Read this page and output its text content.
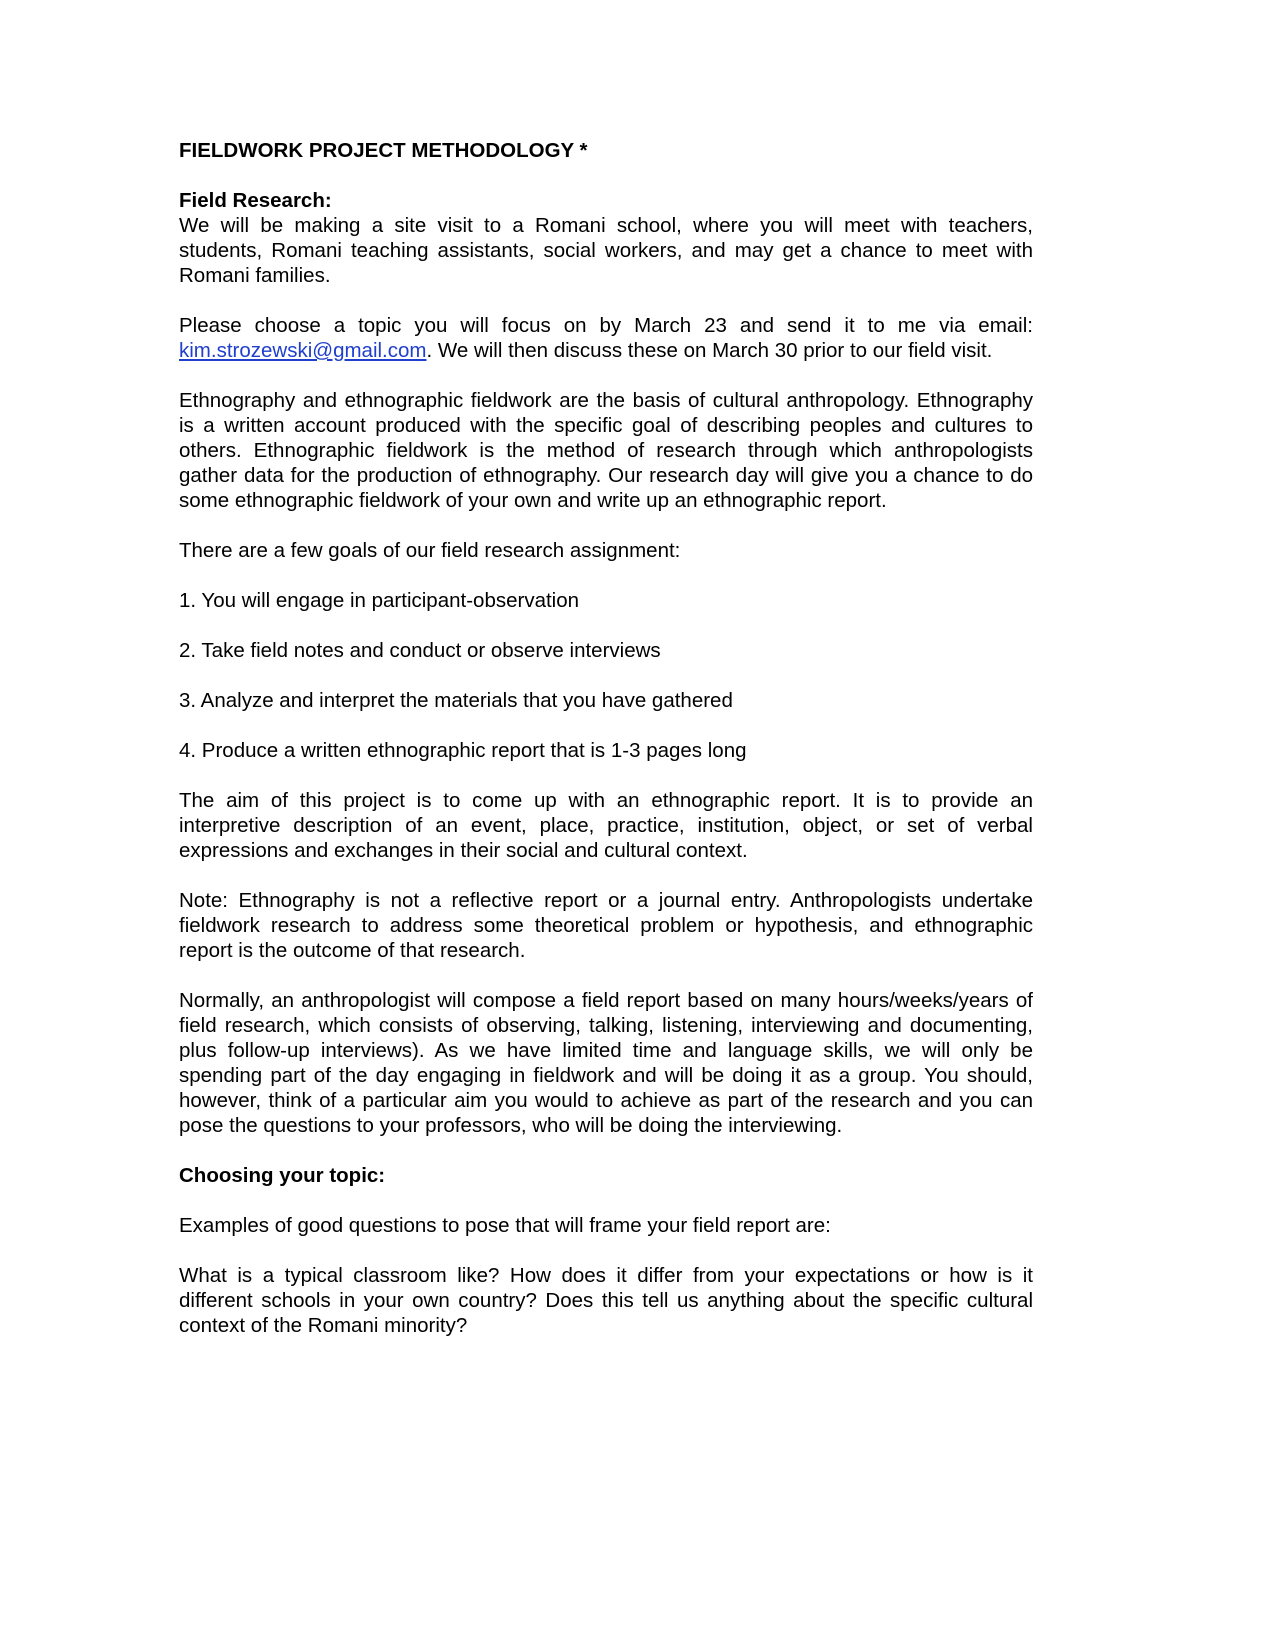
FIELDWORK PROJECT METHODOLOGY *

Field Research:

We will be making a site visit to a Romani school, where you will meet with teachers, students, Romani teaching assistants, social workers, and may get a chance to meet with Romani families.

Please choose a topic you will focus on by March 23 and send it to me via email: kim.strozewski@gmail.com. We will then discuss these on March 30 prior to our field visit.

Ethnography and ethnographic fieldwork are the basis of cultural anthropology. Ethnography is a written account produced with the specific goal of describing peoples and cultures to others. Ethnographic fieldwork is the method of research through which anthropologists gather data for the production of ethnography. Our research day will give you a chance to do some ethnographic fieldwork of your own and write up an ethnographic report.

There are a few goals of our field research assignment:

1. You will engage in participant-observation

2. Take field notes and conduct or observe interviews

3. Analyze and interpret the materials that you have gathered

4. Produce a written ethnographic report that is 1-3 pages long

The aim of this project is to come up with an ethnographic report. It is to provide an interpretive description of an event, place, practice, institution, object, or set of verbal expressions and exchanges in their social and cultural context.

Note: Ethnography is not a reflective report or a journal entry. Anthropologists undertake fieldwork research to address some theoretical problem or hypothesis, and ethnographic report is the outcome of that research.

Normally, an anthropologist will compose a field report based on many hours/weeks/years of field research, which consists of observing, talking, listening, interviewing and documenting, plus follow-up interviews). As we have limited time and language skills, we will only be spending part of the day engaging in fieldwork and will be doing it as a group. You should, however, think of a particular aim you would to achieve as part of the research and you can pose the questions to your professors, who will be doing the interviewing.

Choosing your topic:

Examples of good questions to pose that will frame your field report are:

What is a typical classroom like? How does it differ from your expectations or how is it different schools in your own country? Does this tell us anything about the specific cultural context of the Romani minority?
